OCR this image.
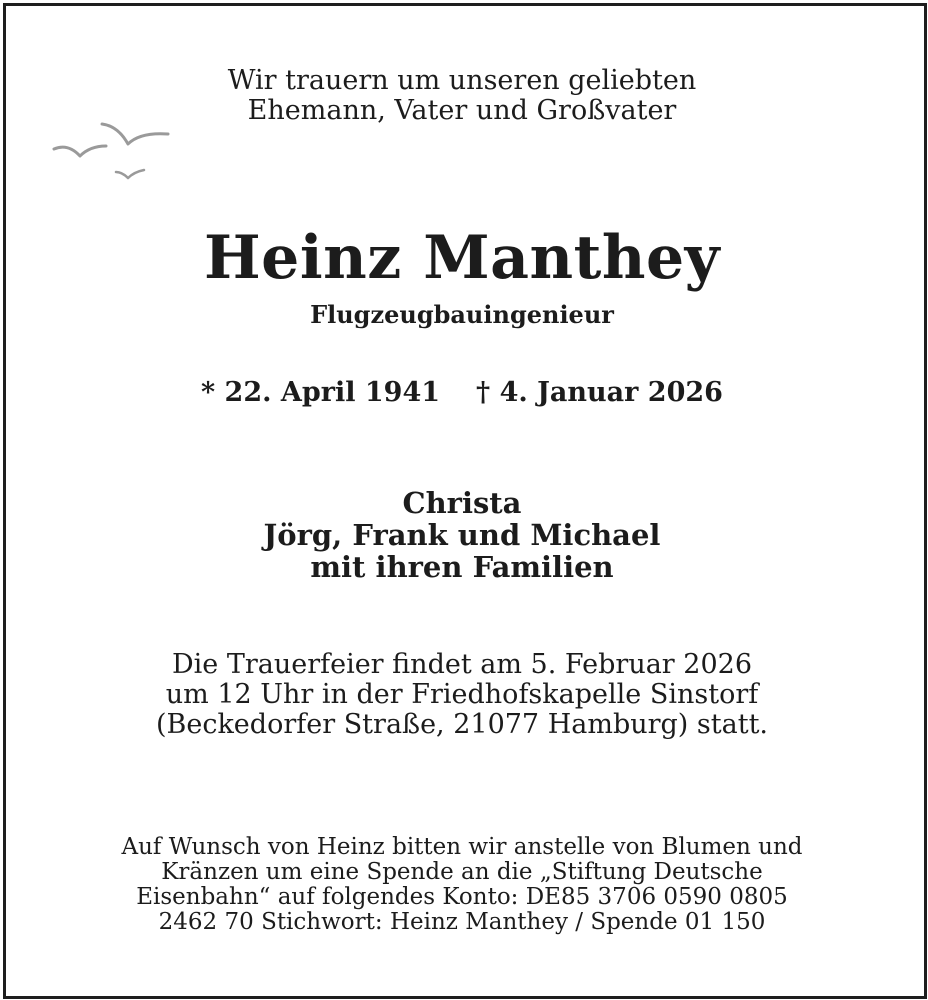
Wir trauern um unseren geliebten
Ehemann, Vater und Großvater
Heinz Manthey
Flugzeugbauingenieur
* 22. April 1941 † 4. Januar 2026
Christa
Jörg, Frank und Michael
mit ihren Familien
Die Trauerfeier findet am 5. Februar 2026
um 12 Uhr in der Friedhofskapelle Sinstorf
(Beckedorfer Straße, 21077 Hamburg) statt.
Auf Wunsch von Heinz bitten wir anstelle von Blumen und
Kränzen um eine Spende an die „Stiftung Deutsche
Eisenbahn“ auf folgendes Konto: DE85 3706 0590 0805
2462 70 Stichwort: Heinz Manthey / Spende 01 150
